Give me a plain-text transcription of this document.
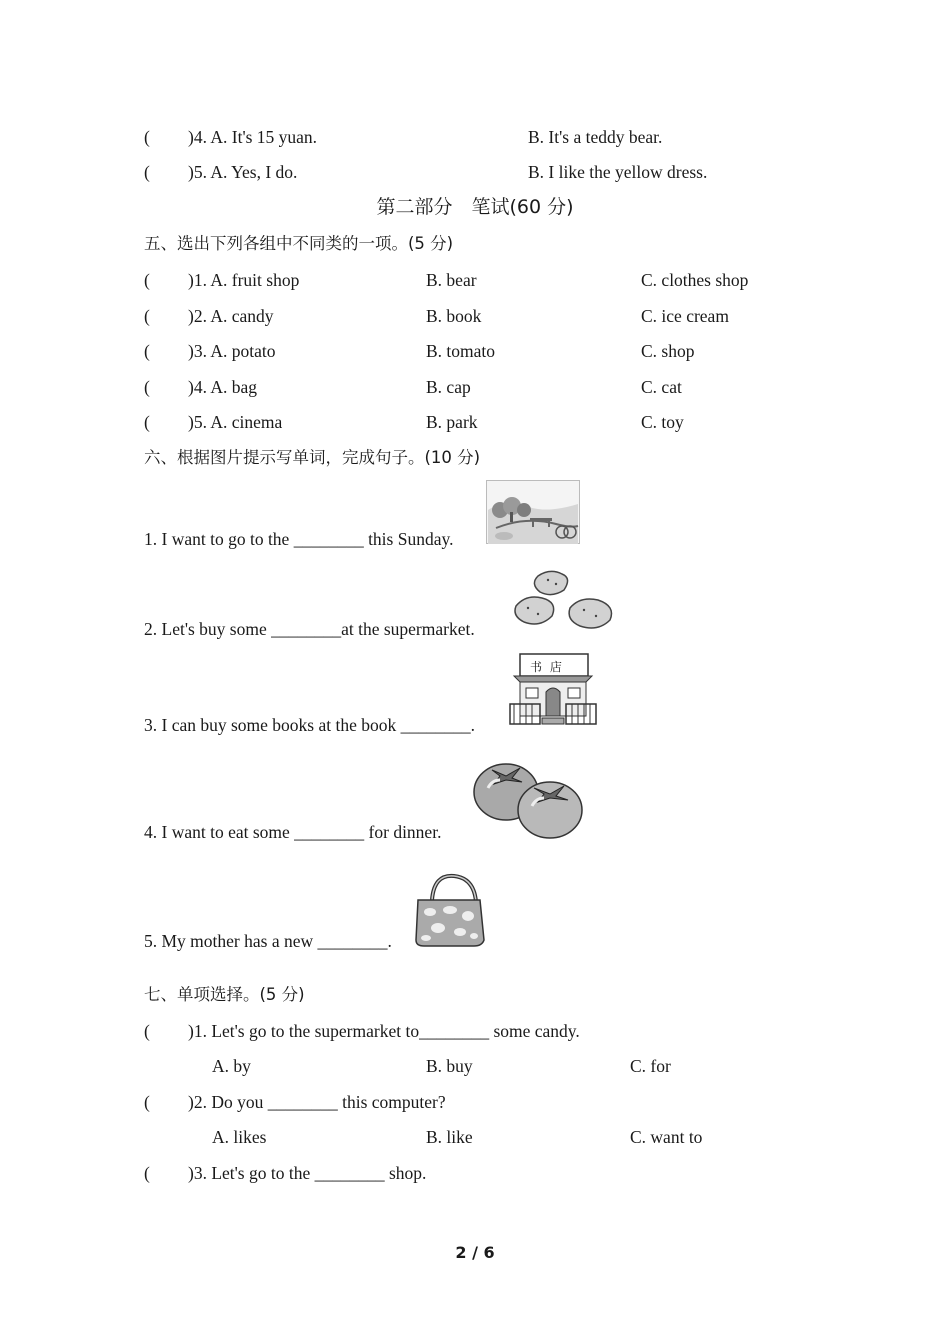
( )4. A. It's 15 yuan.	B. It's a teddy bear.
( )5. A. Yes, I do.	B. I like the yellow dress.
第二部分　笔试(60 分)
五、选出下列各组中不同类的一项。(5 分)
( )1. A. fruit shop	B. bear	C. clothes shop
( )2. A. candy	B. book	C. ice cream
( )3. A. potato	B. tomato	C. shop
( )4. A. bag	B. cap	C. cat
( )5. A. cinema	B. park	C. toy
六、根据图片提示写单词，完成句子。(10 分)
1. I want to go to the ________ this Sunday.
2. Let's buy some ________at the supermarket.
3. I can buy some books at the book ________.
书 店
4. I want to eat some ________ for dinner.
5. My mother has a new ________.
七、单项选择。(5 分)
( )1. Let's go to the supermarket to________ some candy.
A. by	B. buy	C. for
( )2. Do you ________ this computer?
A. likes	B. like	C. want to
( )3. Let's go to the ________ shop.
2 / 6
